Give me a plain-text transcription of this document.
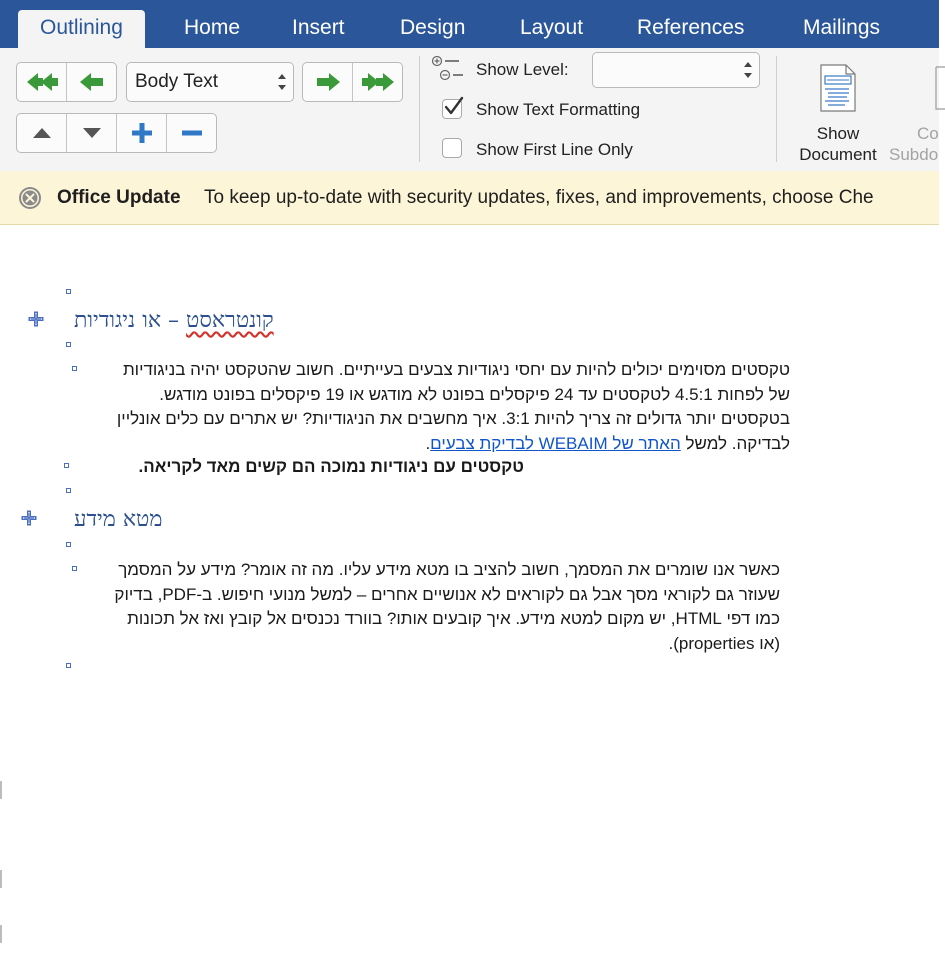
Outlining	Home Insert	Design	Layout	References	Mailings
Body Text
Show Level:
Show Text Formatting
Show First Line Only
Show
Document
Co
Subdo
Office Update To keep up-to-date with security updates, fixes, and improvements, choose Che
קונטראסט – או ניגודיות
טקסטים מסוימים יכולים להיות עם יחסי ניגודיות צבעים בעייתיים. חשוב שהטקסט יהיה בניגודיות של לפחות 4.5:1 לטקסטים עד 24 פיקסלים בפונט לא מודגש או 19 פיקסלים בפונט מודגש. בטקסטים יותר גדולים זה צריך להיות 3:1. איך מחשבים את הניגודיות? יש אתרים עם כלים אונליין לבדיקה. למשל האתר של WEBAIM לבדיקת צבעים.
טקסטים עם ניגודיות נמוכה הם קשים מאד לקריאה.
מטא מידע
כאשר אנו שומרים את המסמך, חשוב להציב בו מטא מידע עליו. מה זה אומר? מידע על המסמך שעוזר גם לקוראי מסך אבל גם לקוראים לא אנושיים אחרים – למשל מנועי חיפוש. ב-PDF, בדיוק כמו דפי HTML, יש מקום למטא מידע. איך קובעים אותו? בוורד נכנסים אל קובץ ואז אל תכונות (או properties).
